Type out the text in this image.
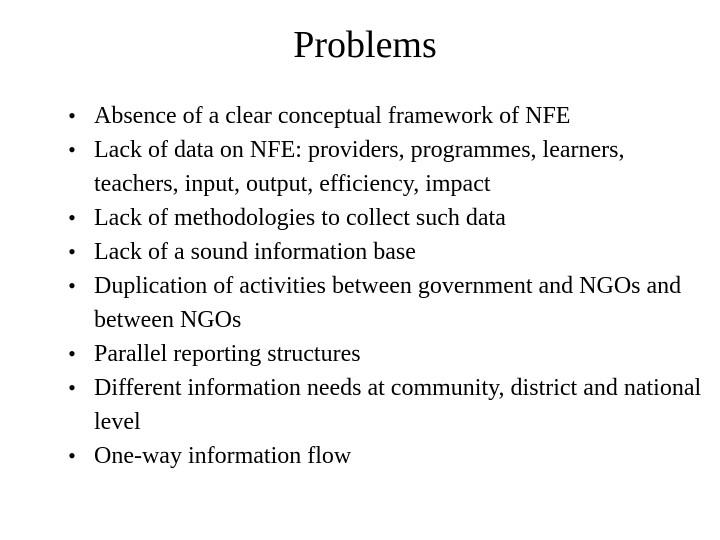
Problems
• Absence of a clear conceptual framework of NFE
• Lack of data on NFE: providers, programmes, learners, teachers, input, output, efficiency, impact
• Lack of methodologies to collect such data
• Lack of a sound information base
• Duplication of activities between government and NGOs and between NGOs
• Parallel reporting structures
• Different information needs at community, district and national level
• One-way information flow
